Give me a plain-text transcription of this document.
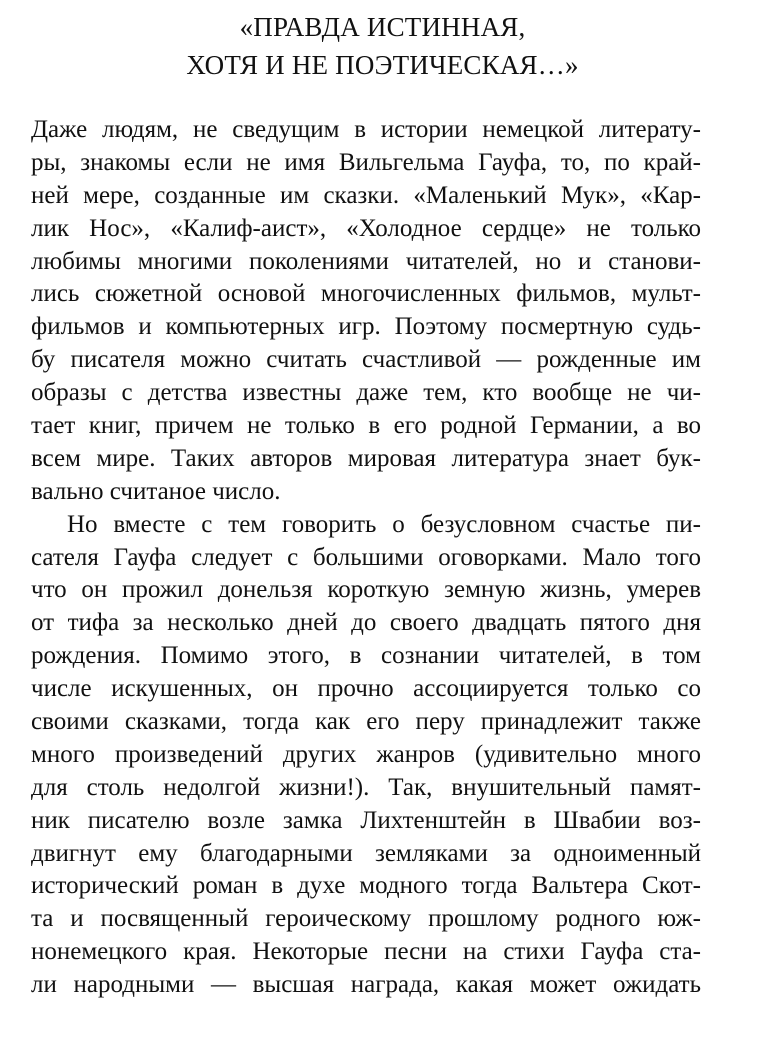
«ПРАВДА ИСТИННАЯ,
ХОТЯ И НЕ ПОЭТИЧЕСКАЯ…»
Даже людям, не сведущим в истории немецкой литерату-
ры, знакомы если не имя Вильгельма Гауфа, то, по край-
ней мере, созданные им сказки. «Маленький Мук», «Кар-
лик Нос», «Калиф-аист», «Холодное сердце» не только
любимы многими поколениями читателей, но и станови-
лись сюжетной основой многочисленных фильмов, мульт-
фильмов и компьютерных игр. Поэтому посмертную судь-
бу писателя можно считать счастливой — рожденные им
образы с детства известны даже тем, кто вообще не чи-
тает книг, причем не только в его родной Германии, а во
всем мире. Таких авторов мировая литература знает бук-
вально считаное число.
Но вместе с тем говорить о безусловном счастье пи-
сателя Гауфа следует с большими оговорками. Мало того
что он прожил донельзя короткую земную жизнь, умерев
от тифа за несколько дней до своего двадцать пятого дня
рождения. Помимо этого, в сознании читателей, в том
числе искушенных, он прочно ассоциируется только со
своими сказками, тогда как его перу принадлежит также
много произведений других жанров (удивительно много
для столь недолгой жизни!). Так, внушительный памят-
ник писателю возле замка Лихтенштейн в Швабии воз-
двигнут ему благодарными земляками за одноименный
исторический роман в духе модного тогда Вальтера Скот-
та и посвященный героическому прошлому родного юж-
нонемецкого края. Некоторые песни на стихи Гауфа ста-
ли народными — высшая награда, какая может ожидать
